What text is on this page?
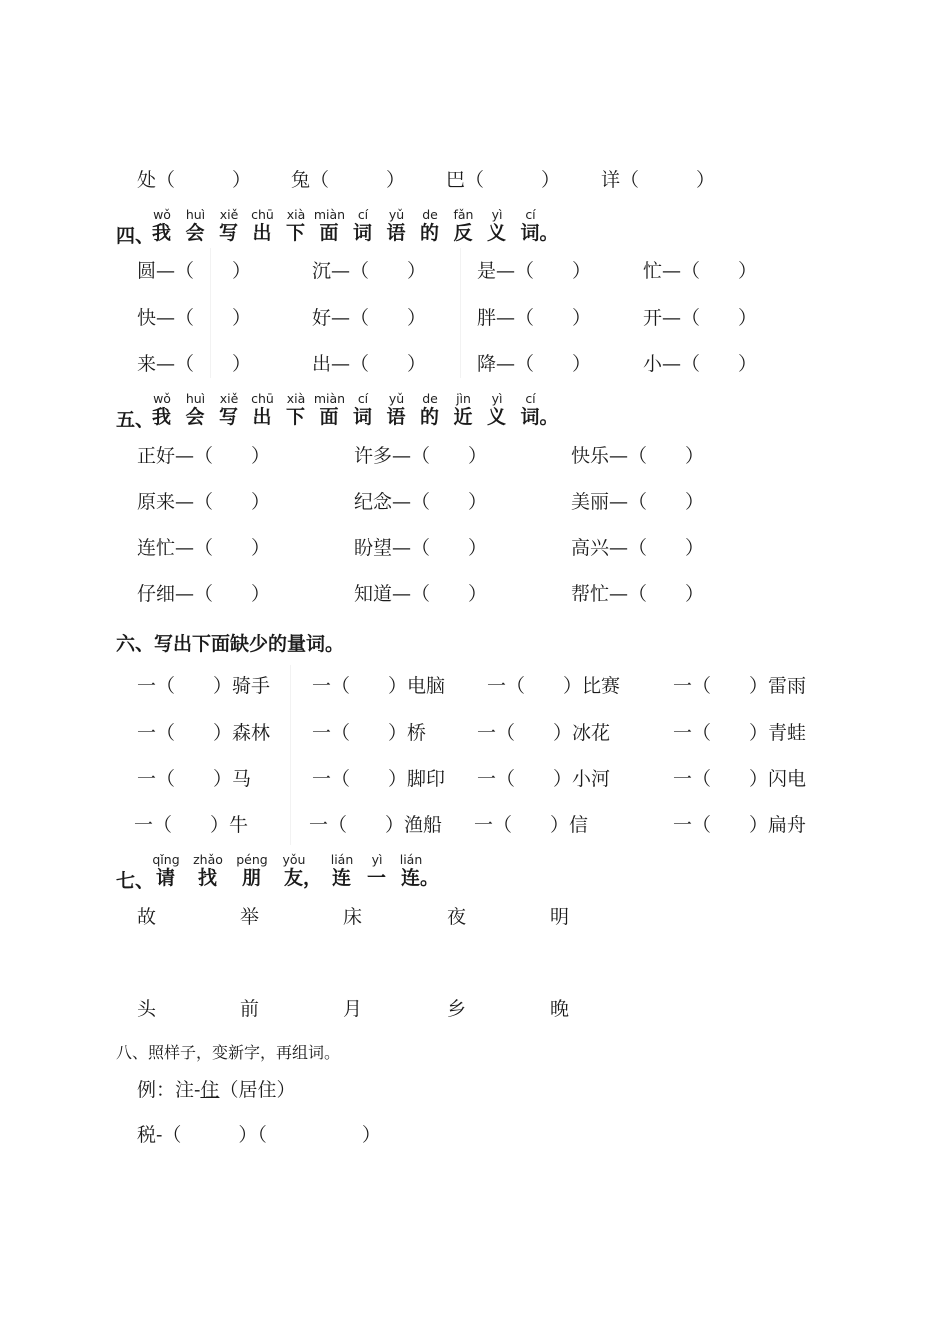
处（　　　） 兔（　　　） 巴（　　　） 详（　　　）
四、
wǒ
我
huì
会
xiě
写
chū
出
xià
下
miàn
面
cí
词
yǔ
语
de
的
fǎn
反
yì
义
cí
词。
圆—（　　）	沉—（　　）	是—（　　）	忙—（　　）
快—（　　）	好—（　　）	胖—（　　）	开—（　　）
来—（　　）	出—（　　）	降—（　　）	小—（　　）
五、
wǒ
我
huì
会
xiě
写
chū
出
xià
下
miàn
面
cí
词
yǔ
语
de
的
jìn
近
yì
义
cí
词。
正好—（　　）	许多—（　　）	快乐—（　　）
原来—（　　）	纪念—（　　）	美丽—（　　）
连忙—（　　）	盼望—（　　）	高兴—（　　）
仔细—（　　）	知道—（　　）	帮忙—（　　）
六、写出下面缺少的量词。
一（　　）骑手 一（　　）电脑 一（　　）比赛	一（　　）雷雨
一（　　）森林 一（　　）桥	一（　　）冰花	一（　　）青蛙
一（　　）马	一（　　）脚印 一（　　）小河	一（　　）闪电
一（　　）牛	一（　　）渔船 一（　　）信	一（　　）扁舟
七、
qǐng
请
zhǎo
找
péng
朋
yǒu
友，
lián
连
yì
一
lián
连。
故	举	床	夜	明
头	前	月	乡	晚
八、照样子，变新字，再组词。
例：注-住（居住）
税-（　　　）（　　　　　）
